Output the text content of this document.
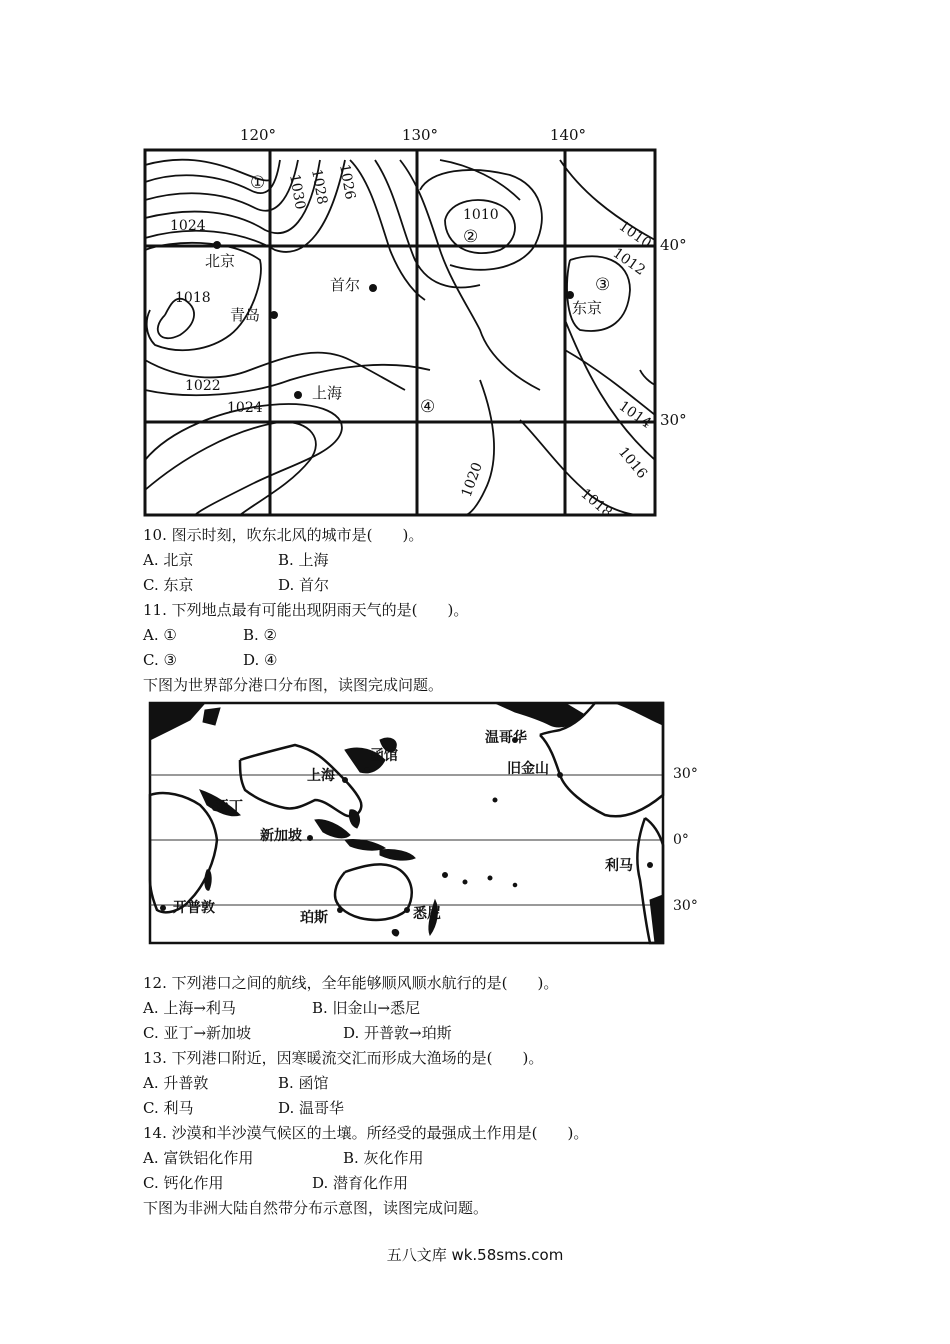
120°	130°	140°
40°
30°
1030 1028 1026
1024
1018
1022
1024
1010
1010
1012
1014
1016
1018
1020
北京
青岛
首尔
上海
东京
①
②
③
④
10. 图示时刻，吹东北风的城市是(　　)。
A. 北京	B. 上海
C. 东京	D. 首尔
11. 下列地点最有可能出现阴雨天气的是(　　)。
A. ①	B. ②
C. ③	D. ④
下图为世界部分港口分布图，读图完成问题。
函馆
温哥华
上海	旧金山
亚丁
新加坡
利马
开普敦
珀斯	悉尼
30°
0°
30°
12. 下列港口之间的航线，全年能够顺风顺水航行的是(　　)。
A. 上海→利马	B. 旧金山→悉尼
C. 亚丁→新加坡	D. 开普敦→珀斯
13. 下列港口附近，因寒暖流交汇而形成大渔场的是(　　)。
A. 升普敦	B. 函馆
C. 利马	D. 温哥华
14. 沙漠和半沙漠气候区的土壤。所经受的最强成土作用是(　　)。
A. 富铁铝化作用	B. 灰化作用
C. 钙化作用	D. 潜育化作用
下图为非洲大陆自然带分布示意图，读图完成问题。
五八文库 wk.58sms.com
